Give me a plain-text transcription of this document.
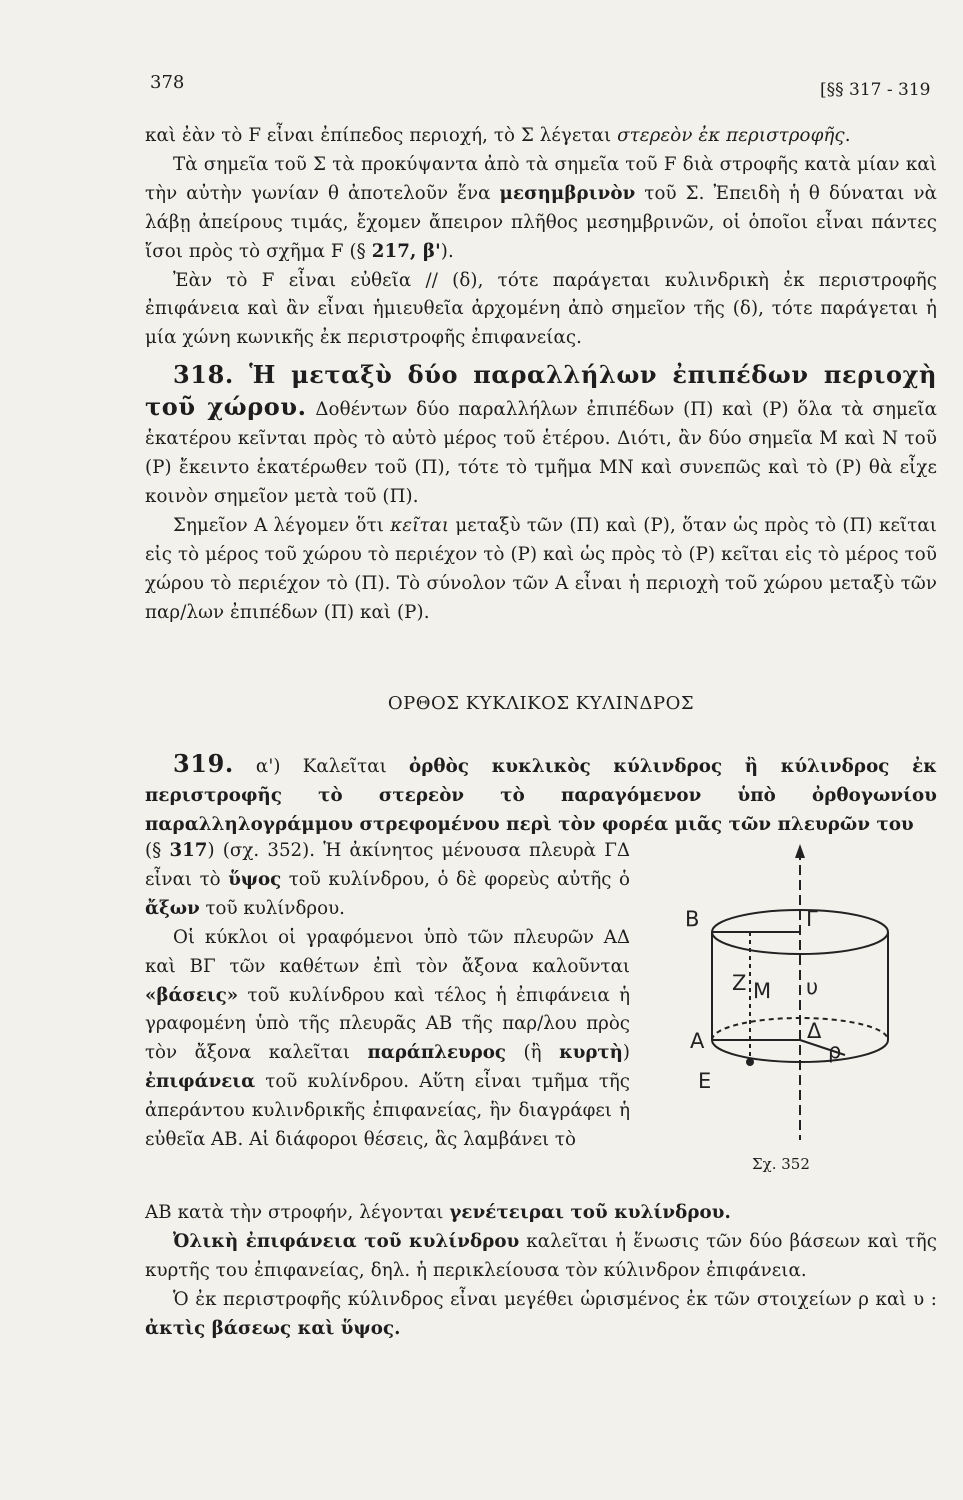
378	[§§ 317 - 319

καὶ ἐὰν τὸ F εἶναι ἐπίπεδος περιοχή, τὸ Σ λέγεται στερεὸν ἐκ περιστροφῆς.

Τὰ σημεῖα τοῦ Σ τὰ προκύψαντα ἀπὸ τὰ σημεῖα τοῦ F διὰ στροφῆς κατὰ μίαν καὶ τὴν αὐτὴν γωνίαν θ ἀποτελοῦν ἕνα μεσημβρινὸν τοῦ Σ. Ἐπειδὴ ἡ θ δύναται νὰ λάβῃ ἀπείρους τιμάς, ἔχομεν ἄπειρον πλῆθος μεσημβρινῶν, οἱ ὁποῖοι εἶναι πάντες ἴσοι πρὸς τὸ σχῆμα F (§ 217, β').

Ἐὰν τὸ F εἶναι εὐθεῖα // (δ), τότε παράγεται κυλινδρικὴ ἐκ περιστροφῆς ἐπιφάνεια καὶ ἂν εἶναι ἡμιευθεῖα ἀρχομένη ἀπὸ σημεῖον τῆς (δ), τότε παράγεται ἡ μία χώνη κωνικῆς ἐκ περιστροφῆς ἐπιφανείας.

318. Ἡ μεταξὺ δύο παραλλήλων ἐπιπέδων περιοχὴ τοῦ χώρου. Δοθέντων δύο παραλλήλων ἐπιπέδων (Π) καὶ (Ρ) ὅλα τὰ σημεῖα ἑκατέρου κεῖνται πρὸς τὸ αὐτὸ μέρος τοῦ ἑτέρου. Διότι, ἂν δύο σημεῖα Μ καὶ Ν τοῦ (Ρ) ἔκειντο ἑκατέρωθεν τοῦ (Π), τότε τὸ τμῆμα ΜΝ καὶ συνεπῶς καὶ τὸ (Ρ) θὰ εἶχε κοινὸν σημεῖον μετὰ τοῦ (Π).

Σημεῖον Α λέγομεν ὅτι κεῖται μεταξὺ τῶν (Π) καὶ (Ρ), ὅταν ὡς πρὸς τὸ (Π) κεῖται εἰς τὸ μέρος τοῦ χώρου τὸ περιέχον τὸ (Ρ) καὶ ὡς πρὸς τὸ (Ρ) κεῖται εἰς τὸ μέρος τοῦ χώρου τὸ περιέχον τὸ (Π). Τὸ σύνολον τῶν Α εἶναι ἡ περιοχὴ τοῦ χώρου μεταξὺ τῶν παρ/λων ἐπιπέδων (Π) καὶ (Ρ).

ΟΡΘΟΣ ΚΥΚΛΙΚΟΣ ΚΥΛΙΝΔΡΟΣ

319. α') Καλεῖται ὀρθὸς κυκλικὸς κύλινδρος ἢ κύλινδρος ἐκ περιστροφῆς τὸ στερεὸν τὸ παραγόμενον ὑπὸ ὀρθογωνίου παραλληλογράμμου στρεφομένου περὶ τὸν φορέα μιᾶς τῶν πλευρῶν του

(§ 317) (σχ. 352). Ἡ ἀκίνητος μένουσα πλευρὰ ΓΔ εἶναι τὸ ὕψος τοῦ κυλίνδρου, ὁ δὲ φορεὺς αὐτῆς ὁ ἄξων τοῦ κυλίνδρου.

Οἱ κύκλοι οἱ γραφόμενοι ὑπὸ τῶν πλευρῶν ΑΔ καὶ ΒΓ τῶν καθέτων ἐπὶ τὸν ἄξονα καλοῦνται «βάσεις» τοῦ κυλίνδρου καὶ τέλος ἡ ἐπιφάνεια ἡ γραφομένη ὑπὸ τῆς πλευρᾶς ΑΒ τῆς παρ/λου πρὸς τὸν ἄξονα καλεῖται παράπλευρος (ἢ κυρτὴ) ἐπιφάνεια τοῦ κυλίνδρου. Αὕτη εἶναι τμῆμα τῆς ἀπεράντου κυλινδρικῆς ἐπιφανείας, ἣν διαγράφει ἡ εὐθεῖα ΑΒ. Αἱ διάφοροι θέσεις, ἃς λαμβάνει τὸ

ΑΒ κατὰ τὴν στροφήν, λέγονται γενέτειραι τοῦ κυλίνδρου.

Ὀλικὴ ἐπιφάνεια τοῦ κυλίνδρου καλεῖται ἡ ἕνωσις τῶν δύο βάσεων καὶ τῆς κυρτῆς του ἐπιφανείας, δηλ. ἡ περικλείουσα τὸν κύλινδρον ἐπιφάνεια.

Ὁ ἐκ περιστροφῆς κύλινδρος εἶναι μεγέθει ὡρισμένος ἐκ τῶν στοιχείων ρ καὶ υ : ἀκτὶς βάσεως καὶ ὕψος.

Β	Γ
Ζ Μ υ
Α	Δ
ρ
Ε
Σχ. 352
